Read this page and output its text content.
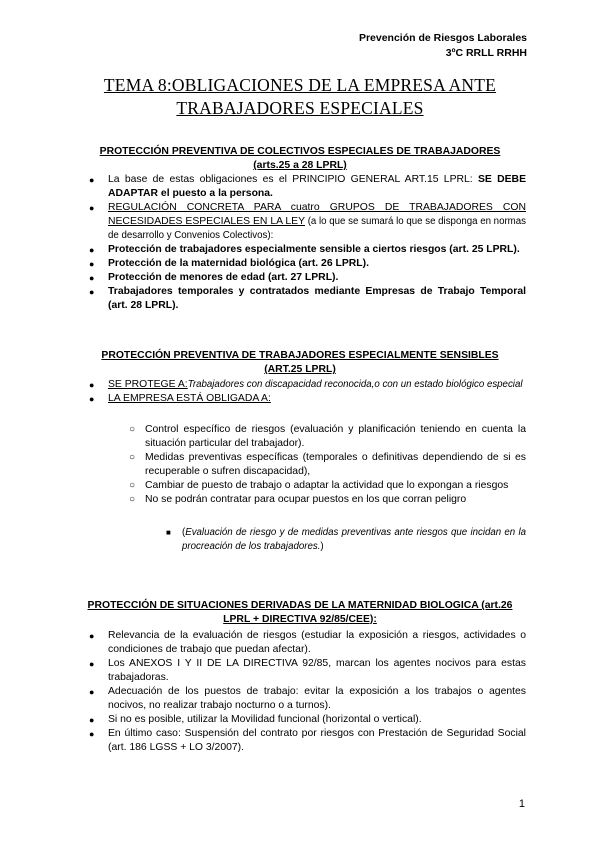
Prevención de Riesgos Laborales
3ºC RRLL RRHH
TEMA 8:OBLIGACIONES DE LA EMPRESA ANTE
TRABAJADORES ESPECIALES
PROTECCIÓN PREVENTIVA DE COLECTIVOS ESPECIALES DE TRABAJADORES
(arts.25 a 28 LPRL)
● La base de estas obligaciones es el PRINCIPIO GENERAL ART.15 LPRL: SE DEBE ADAPTAR el puesto a la persona.
● REGULACIÓN CONCRETA PARA cuatro GRUPOS DE TRABAJADORES CON NECESIDADES ESPECIALES EN LA LEY (a lo que se sumará lo que se disponga en normas de desarrollo y Convenios Colectivos):
● Protección de trabajadores especialmente sensible a ciertos riesgos (art. 25 LPRL).
● Protección de la maternidad biológica (art. 26 LPRL).
● Protección de menores de edad (art. 27 LPRL).
● Trabajadores temporales y contratados mediante Empresas de Trabajo Temporal (art. 28 LPRL).
PROTECCIÓN PREVENTIVA DE TRABAJADORES ESPECIALMENTE SENSIBLES
(ART.25 LPRL)
● SE PROTEGE A:Trabajadores con discapacidad reconocida,o con un estado biológico especial
● LA EMPRESA ESTÁ OBLIGADA A:
○ Control específico de riesgos (evaluación y planificación teniendo en cuenta la situación particular del trabajador).
○ Medidas preventivas específicas (temporales o definitivas dependiendo de si es recuperable o sufren discapacidad),
○ Cambiar de puesto de trabajo o adaptar la actividad que lo expongan a riesgos
○ No se podrán contratar para ocupar puestos en los que corran peligro
■ (Evaluación de riesgo y de medidas preventivas ante riesgos que incidan en la procreación de los trabajadores.)
PROTECCIÓN DE SITUACIONES DERIVADAS DE LA MATERNIDAD BIOLOGICA (art.26
LPRL + DIRECTIVA 92/85/CEE):
● Relevancia de la evaluación de riesgos (estudiar la exposición a riesgos, actividades o condiciones de trabajo que puedan afectar).
● Los ANEXOS I Y II DE LA DIRECTIVA 92/85, marcan los agentes nocivos para estas trabajadoras.
● Adecuación de los puestos de trabajo: evitar la exposición a los trabajos o agentes nocivos, no realizar trabajo nocturno o a turnos).
● Si no es posible, utilizar la Movilidad funcional (horizontal o vertical).
● En último caso: Suspensión del contrato por riesgos con Prestación de Seguridad Social (art. 186 LGSS + LO 3/2007).
1
